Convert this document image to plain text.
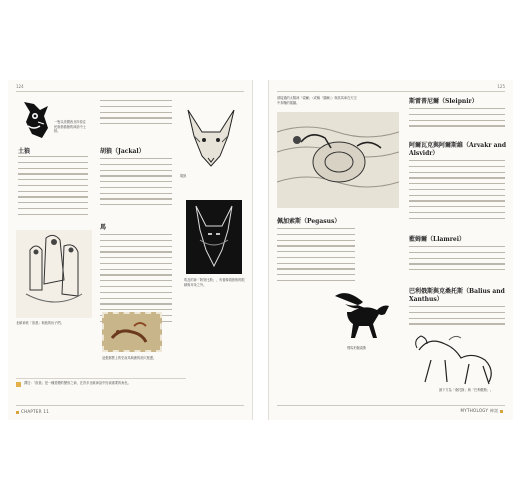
124
一隻以美國西北岸原住民風格描繪的神話中土狼。
土狼
北歐神祇「洛基」與他的孩子們。
胡狼（Jackal）
馬
這張郵票上的史前馬與鹿的洞穴壁畫。
胡狼
埃及的神「阿努比斯」，有著像胡狼般的眼睛與耳朵之外。
譯註：「洛基」是一種善變的變形之神，在許多北歐神話中扮演重要的角色。
CHAPTER 11
125
被接過的太陽神「索爾」（或稱「蘇爾」）與其馬車在天空中奔馳的插圖。
佩加索斯（Pegasus）
飛馬珀伽索斯
斯雷普尼爾（Sleipnir）
阿爾瓦克與阿爾斯維（Arvakr and Alsvidr）
藍姆爾（Llamrei）
巴利俄斯與克桑托斯（Balius and Xanthus）
最下方為「桑托斯」與「巴利俄斯」。
MYTHOLOGY 神話
